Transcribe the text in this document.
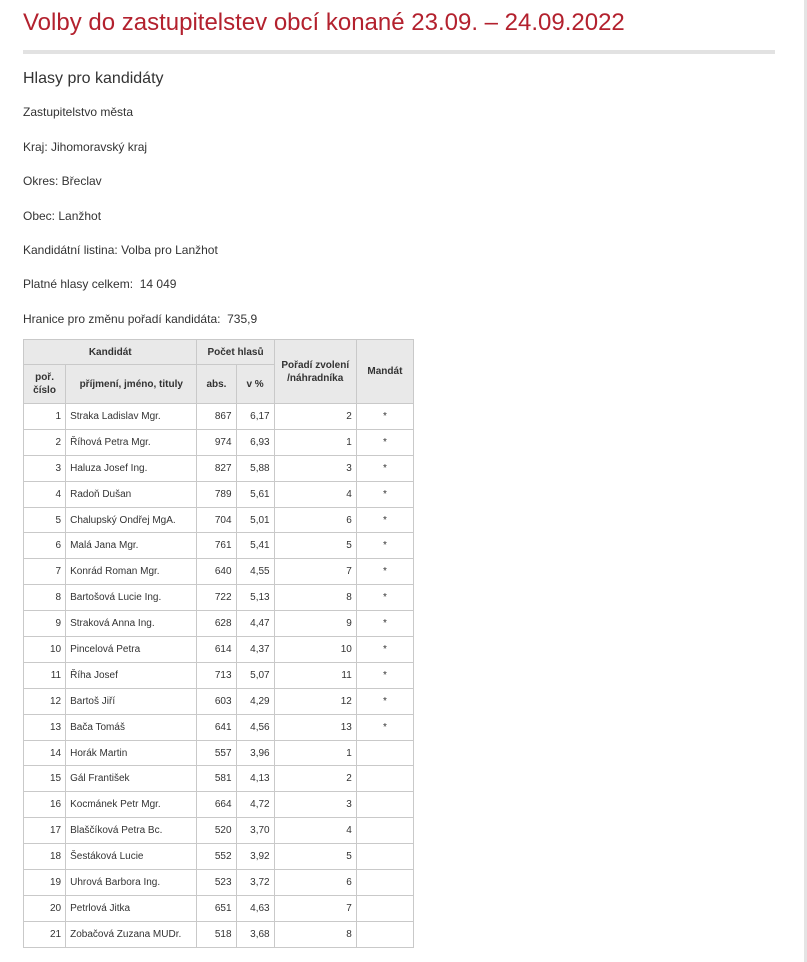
Volby do zastupitelstev obcí konané 23.09. – 24.09.2022
Hlasy pro kandidáty
Zastupitelstvo města
Kraj: Jihomoravský kraj
Okres: Břeclav
Obec: Lanžhot
Kandidátní listina: Volba pro Lanžhot
Platné hlasy celkem: 14 049
Hranice pro změnu pořadí kandidáta: 735,9
Kandidát		Počet hlasů		Pořadí zvolení /náhradníka	Mandát
poř. číslo	příjmení, jméno, tituly	abs.	v %		
1	Straka Ladislav Mgr.	867	6,17	2	*
2	Říhová Petra Mgr.	974	6,93	1	*
3	Haluza Josef Ing.	827	5,88	3	*
4	Radoň Dušan	789	5,61	4	*
5	Chalupský Ondřej MgA.	704	5,01	6	*
6	Malá Jana Mgr.	761	5,41	5	*
7	Konrád Roman Mgr.	640	4,55	7	*
8	Bartošová Lucie Ing.	722	5,13	8	*
9	Straková Anna Ing.	628	4,47	9	*
10	Pincelová Petra	614	4,37	10	*
11	Říha Josef	713	5,07	11	*
12	Bartoš Jiří	603	4,29	12	*
13	Bača Tomáš	641	4,56	13	*
14	Horák Martin	557	3,96	1	
15	Gál František	581	4,13	2	
16	Kocmánek Petr Mgr.	664	4,72	3	
17	Blaščíková Petra Bc.	520	3,70	4	
18	Šestáková Lucie	552	3,92	5	
19	Uhrová Barbora Ing.	523	3,72	6	
20	Petrlová Jitka	651	4,63	7	
21	Zobačová Zuzana MUDr.	518	3,68	8	
